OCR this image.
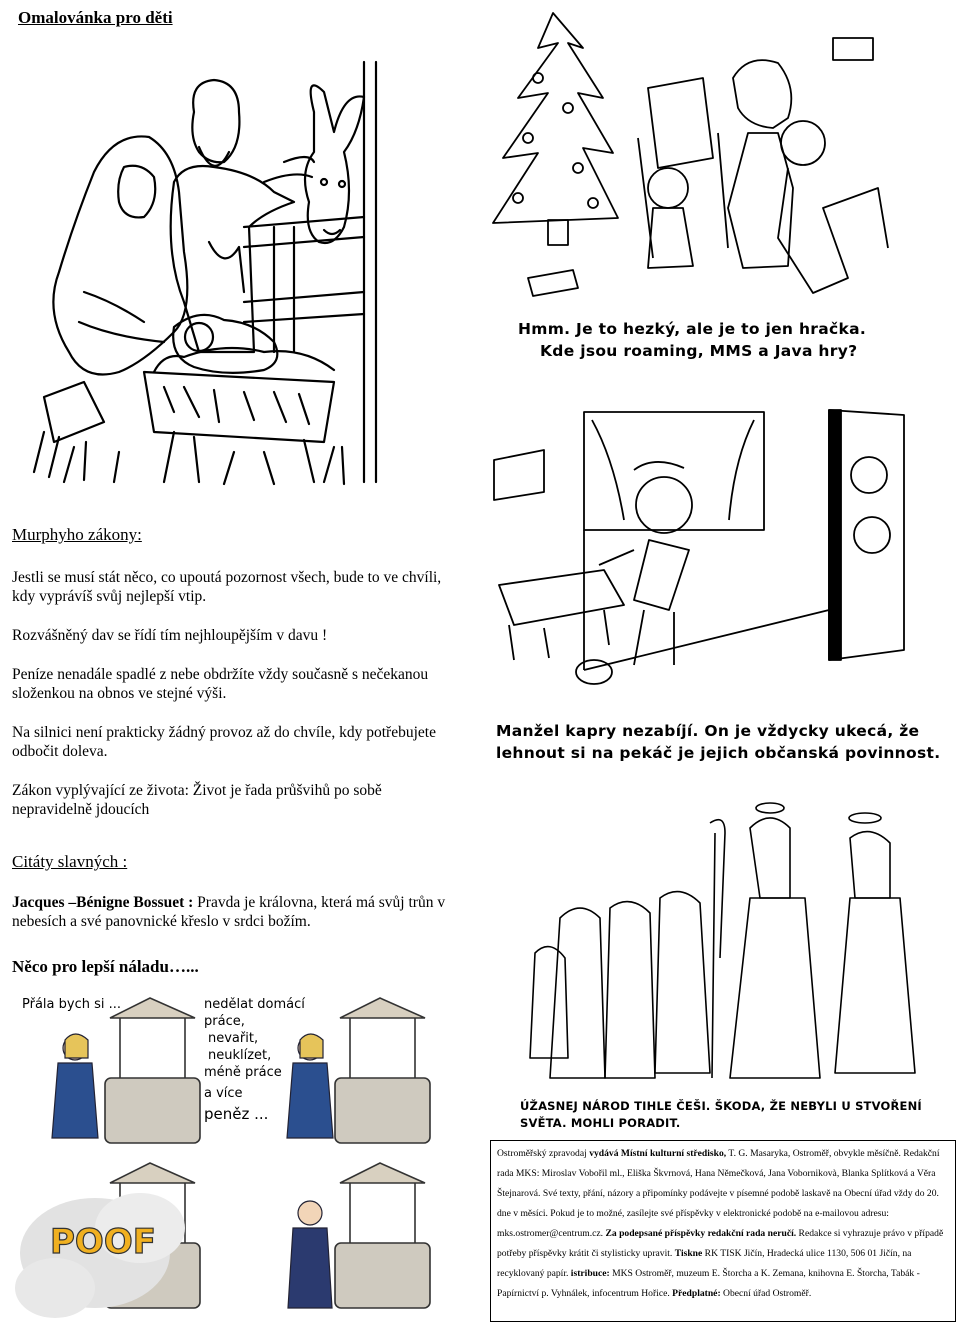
Omalovánka pro děti
Murphyho zákony:

Jestli se musí stát něco, co upoutá pozornost všech, bude to ve chvíli, kdy vyprávíš svůj nejlepší vtip.

Rozvášněný dav se řídí tím nejhloupějším v davu !

Peníze nenadále spadlé z nebe obdržíte vždy současně s nečekanou složenkou na obnos ve stejné výši.

Na silnici není prakticky žádný provoz až do chvíle, kdy potřebujete odbočit doleva.

Zákon vyplývající ze života: Život je řada průšvihů po sobě nepravidelně jdoucích

Citáty slavných :
Jacques –Bénigne Bossuet : Pravda je královna, která má svůj trůn v nebesích a své panovnické křeslo v srdci božím.
Něco pro lepší náladu…...
POOF
Přála bych si ...	nedělat domácí práce,
nevařit,
neuklízet,
méně práce
a více
peněz ...
Hmm. Je to hezký, ale je to jen hračka.
Kde jsou roaming, MMS a Java hry?
Manžel kapry nezabíjí. On je vždycky ukecá, že
lehnout si na pekáč je jejich občanská povinnost.
ÚŽASNEJ NÁROD TIHLE ČEŠI. ŠKODA, ŽE NEBYLI U STVOŘENÍ SVĚTA. MOHLI PORADIT.
Ostroměřský zpravodaj vydává Místní kulturní středisko, T. G. Masaryka, Ostroměř, obvykle měsíčně. Redakční rada MKS: Miroslav Vobořil ml., Eliška Škvrnová, Hana Němečková, Jana Vobornikovà, Blanka Splítková a Věra Štejnarová. Své texty, přání, názory a připomínky podávejte v písemné podobě laskavě na Obecní úřad vždy do 20. dne v měsíci. Pokud je to možné, zasílejte své příspěvky v elektronické podobě na e-mailovou adresu: mks.ostromer@centrum.cz. Za podepsané příspěvky redakční rada neručí. Redakce si vyhrazuje právo v případě potřeby příspěvky krátit či stylisticky upravit. Tiskne RK TISK Jičín, Hradecká ulice 1130, 506 01 Jičín, na recyklovaný papír. istribuce: MKS Ostroměř, muzeum E. Štorcha a K. Zemana, knihovna E. Štorcha, Tabák - Papírnictví p. Vyhnálek, infocentrum Hořice. Předplatné: Obecní úřad Ostroměř.
